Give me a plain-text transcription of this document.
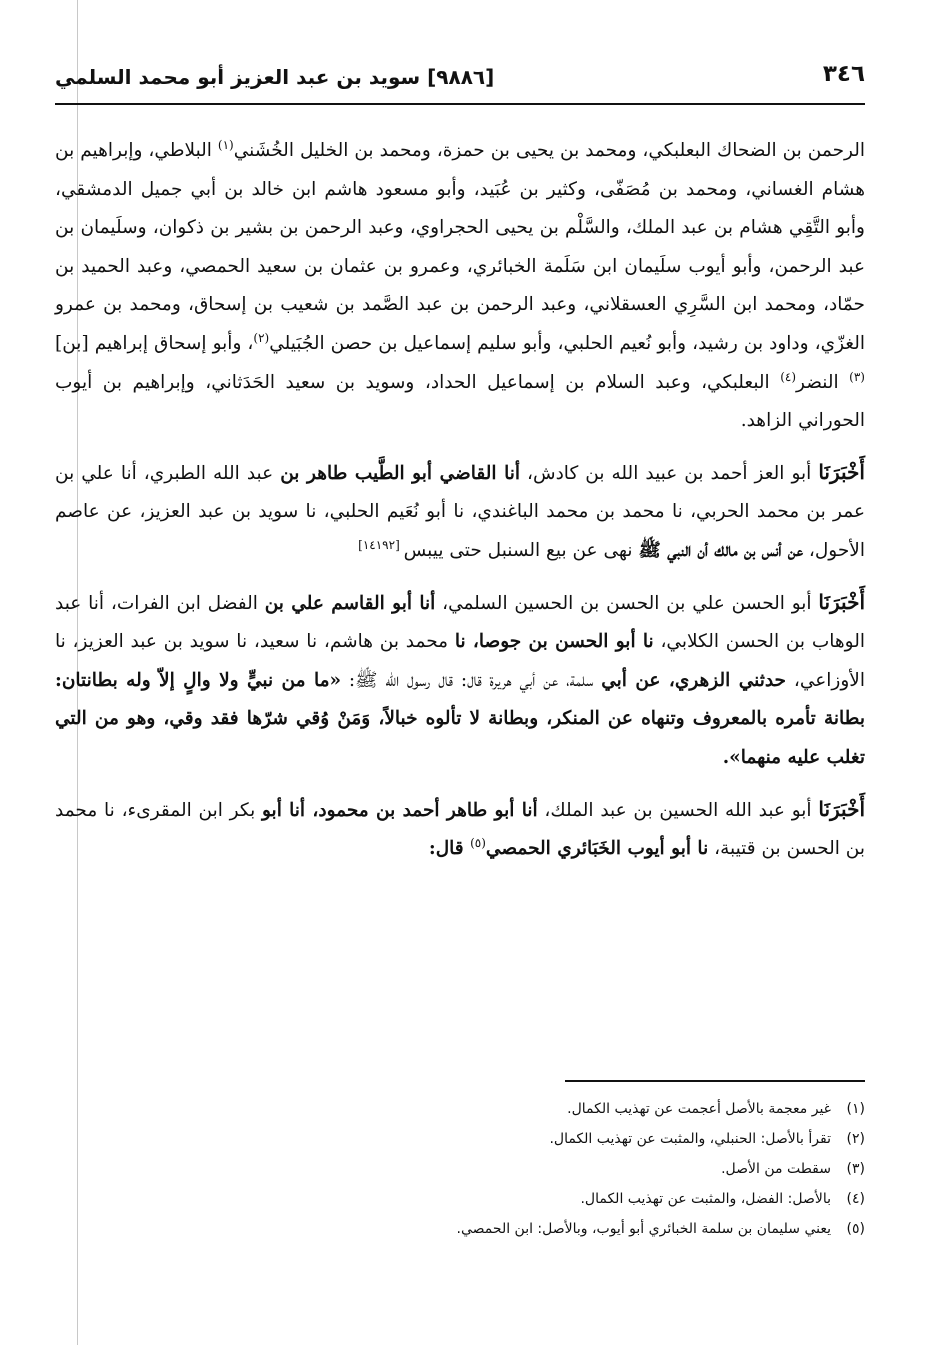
٣٤٦
[٩٨٨٦] سويد بن عبد العزيز أبو محمد السلمي

الرحمن بن الضحاك البعلبكي، ومحمد بن يحيى بن حمزة، ومحمد بن الخليل الخُشَني$^{(١)}$ البلاطي، وإبراهيم بن هشام الغساني، ومحمد بن مُصَفّى، وكثير بن عُبَيد، وأبو مسعود هاشم ابن خالد بن أبي جميل الدمشقي، وأبو التَّقِي هشام بن عبد الملك، والسَّلْم بن يحيى الحجراوي، وعبد الرحمن بن بشير بن ذكوان، وسلَيمان بن عبد الرحمن، وأبو أيوب سلَيمان ابن سَلَمة الخبائري، وعمرو بن عثمان بن سعيد الحمصي، وعبد الحميد بن حمّاد، ومحمد ابن السَّرِي العسقلاني، وعبد الرحمن بن عبد الصَّمد بن شعيب بن إسحاق، ومحمد بن عمرو الغزّي، وداود بن رشيد، وأبو نُعيم الحلبي، وأبو سليم إسماعيل بن حصن الجُبَيلي$^{(٢)}$، وأبو إسحاق إبراهيم [بن]$^{(٣)}$ النضر$^{(٤)}$ البعلبكي، وعبد السلام بن إسماعيل الحداد، وسويد بن سعيد الحَدَثاني، وإبراهيم بن أيوب الحوراني الزاهد.

أَخْبَرَنَا أبو العز أحمد بن عبيد الله بن كادش، أنا القاضي أبو الطَّيب طاهر بن عبد الله الطبري، أنا علي بن عمر بن محمد الحربي، نا محمد بن محمد الباغندي، نا أبو نُعَيم الحلبي، نا سويد بن عبد العزيز، عن عاصم الأحول، عن أنس بن مالك أن النبي ﷺ نهى عن بيع السنبل حتى ييبس [١٤١٩٢]

أَخْبَرَنَا أبو الحسن علي بن الحسن بن الحسين السلمي، أنا أبو القاسم علي بن الفضل ابن الفرات، أنا عبد الوهاب بن الحسن الكلابي، نا أبو الحسن بن جوصا، نا محمد بن هاشم، نا سعيد، نا سويد بن عبد العزيز، نا الأوزاعي، حدثني الزهري، عن أبي سلمة، عن أبي هريرة قال: قال رسول الله ﷺ: «ما من نبيٍّ ولا والٍ إلاّ وله بطانتان: بطانة تأمره بالمعروف وتنهاه عن المنكر، وبطانة لا تألوه خبالاً، وَمَنْ وُقي شرّها فقد وقي، وهو من التي تغلب عليه منهما».

أَخْبَرَنَا أبو عبد الله الحسين بن عبد الملك، أنا أبو طاهر أحمد بن محمود، أنا أبو بكر ابن المقرىء، نا محمد بن الحسن بن قتيبة، نا أبو أيوب الخَبَائري الحمصي$^{(٥)}$ قال:

(١)
غير معجمة بالأصل أعجمت عن تهذيب الكمال.
(٢)
تقرأ بالأصل: الحنبلي، والمثبت عن تهذيب الكمال.
(٣)
سقطت من الأصل.
(٤)
بالأصل: الفضل، والمثبت عن تهذيب الكمال.
(٥)
يعني سليمان بن سلمة الخبائري أبو أيوب، وبالأصل: ابن الحمصي.
